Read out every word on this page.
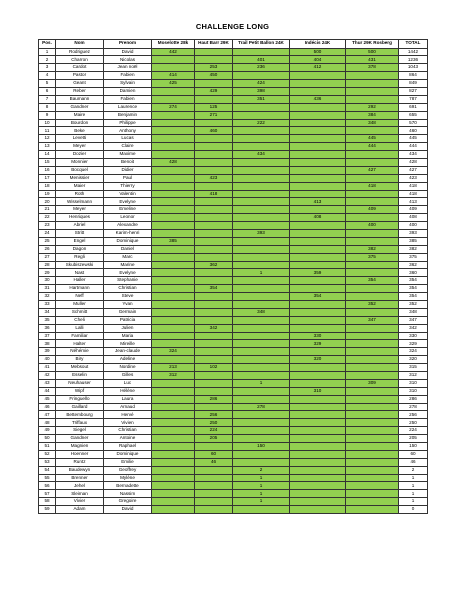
CHALLENGE LONG
Pos.	Nom	Prenom	Moselotte 28k	Haut Barr 29K	Trail Petit Ballon 24K	Indécis 24K	Thur 29K Rosberg	TOTAL
1	Rodriguez	David	442			500	500	1442
2	Charron	Nicolas			401	404	431	1236
3	Cardot	Jean noël		253	236	412	378	1043
4	Pastor	Fabien	414	450				864
5	Geant	Sylvain	425		424			849
6	Reber	Damien		429	398			827
7	Baumann	Fabien			351	436		787
8	Gandner	Laurence	274	125			292	691
9	Maire	Benjamin		271			384	655
10	Bourdon	Philippe			222		348	570
11	Beke	Anthony		460				460
12	Levetti	Lucas					445	445
13	Meyer	Claire					444	444
14	Dozier	Maxime			434			434
15	Monnier	Benoit	428					428
16	Bocquel	Didier					427	427
17	Menissier	Paul		423				423
18	Maier	Thierry					418	418
19	Roth	Valentin		418				418
20	Wisselmann	Evelyne				413		413
21	Meyer	Emeline					409	409
22	Henriques	Leonor				408		408
23	Abriel	Alexandre					400	400
24	Stritt	Karim-henri			393			393
25	Engel	Dominique	385					385
26	Dagon	Daniel					382	382
27	Regli	Marc					375	375
28	Skubiszewski	Marine		362				362
29	Nast	Evelyne			1	359		360
30	Haller	Stephanie					354	354
31	Hartmann	Christian		354				354
32	Neff	Steve				354		354
33	Muller	Yvan					352	352
34	Schmitt	Germain			348			348
35	Cheli	Patricia					347	347
36	Lalli	Julien		342				342
37	Familiar	Maria				330		330
38	Halter	Mireille				329		329
39	Néhémie	Jean-claude	324					324
40	Biry	Adeline				320		320
41	Mebsout	Nordine	213	102				315
42	Esselin	Gilles	312					312
43	Neuhauser	Luc			1		309	310
44	Wipf	Hélène				310		310
45	Fringuello	Laura		286				286
46	Gaillard	Arnaud			278			278
47	Bettembourg	Hervé		256				256
48	Triffaux	Vivien		250				250
49	Siegel	Christian		224				224
50	Gandner	Antoine		205				205
51	Magnien	Raphael			150			150
52	Hoenner	Dominique		60				60
53	Runtz	Emilie		46				46
54	Baudewyn	Geoffrey			2			2
55	Brenner	Mylène			1			1
56	Jehel	Bernadette			1			1
57	Sleiman	Nassim			1			1
58	Vivier	Gregoire			1			1
59	Adam	David						0
